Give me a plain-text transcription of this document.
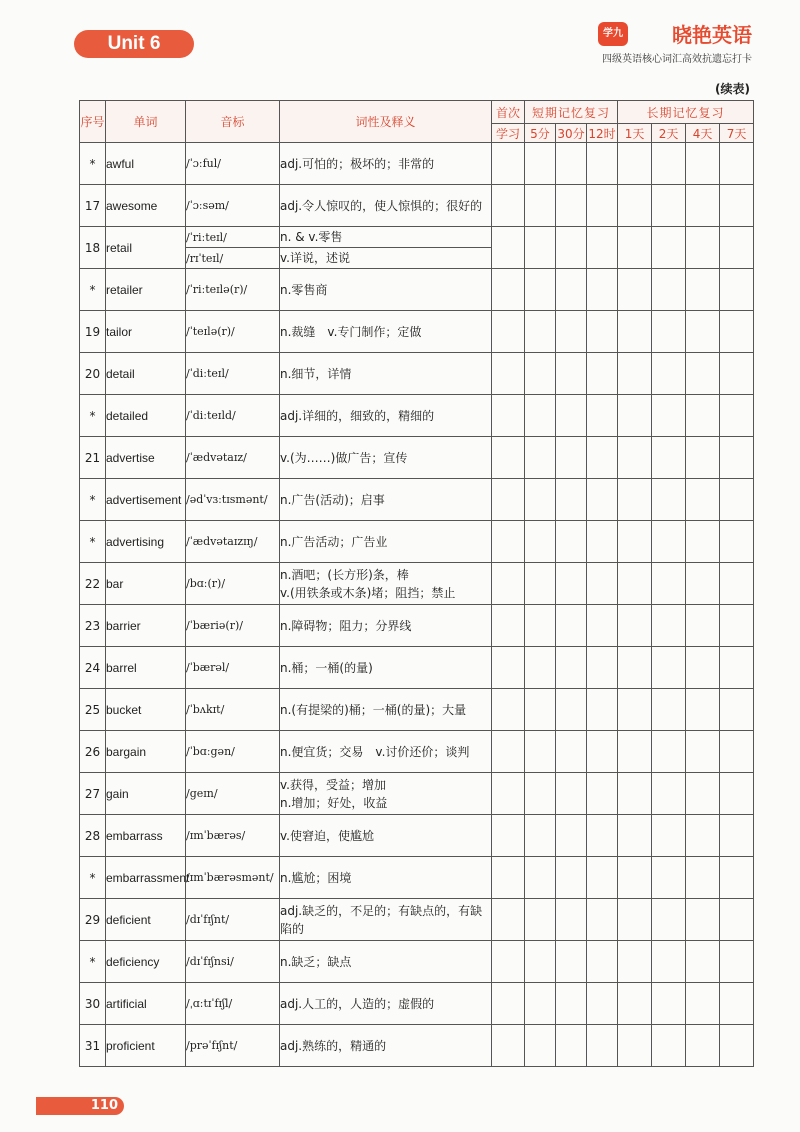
Unit 6	学九 晓艳英语
四级英语核心词汇高效抗遗忘打卡
(续表)
序号	单词	音标	词性及释义	首次	短期记忆复习			长期记忆复习			
				学习	5分	30分	12时	1天	2天	4天	7天
*	awful	/ˈɔːful/	adj.可怕的；极坏的；非常的								

17	awesome	/ˈɔːsəm/	adj.令人惊叹的，使人惊惧的；很好的								

18	retail	/ˈriːteɪl/	n. & v.零售								

		/rɪˈteɪl/	v.详说，述说								

*	retailer	/ˈriːteɪlə(r)/	n.零售商								

19	tailor	/ˈteɪlə(r)/	n.裁缝　v.专门制作；定做								

20	detail	/ˈdiːteɪl/	n.细节，详情								

*	detailed	/ˈdiːteɪld/	adj.详细的，细致的，精细的								

21	advertise	/ˈædvətaɪz/	v.(为……)做广告；宣传								

*	advertisement	/ədˈvɜːtɪsmənt/	n.广告(活动)；启事								

*	advertising	/ˈædvətaɪzɪŋ/	n.广告活动；广告业								

22	bar	/bɑː(r)/	n.酒吧；(长方形)条，棒
v.(用铁条或木条)堵；阻挡；禁止								

23	barrier	/ˈbæriə(r)/	n.障碍物；阻力；分界线								

24	barrel	/ˈbærəl/	n.桶；一桶(的量)								

25	bucket	/ˈbʌkɪt/	n.(有提梁的)桶；一桶(的量)；大量								

26	bargain	/ˈbɑːgən/	n.便宜货；交易　v.讨价还价；谈判								

27	gain	/geɪn/	v.获得，受益；增加
n.增加；好处，收益								

28	embarrass	/ɪmˈbærəs/	v.使窘迫，使尴尬								

*	embarrassment	/ɪmˈbærəsmənt/	n.尴尬；困境								

29	deficient	/dɪˈfɪʃnt/	adj.缺乏的，不足的；有缺点的，有缺
陷的								

*	deficiency	/dɪˈfɪʃnsi/	n.缺乏；缺点								

30	artificial	/ˌɑːtɪˈfɪʃl/	adj.人工的，人造的；虚假的								

31	proficient	/prəˈfɪʃnt/	adj.熟练的，精通的								

110
